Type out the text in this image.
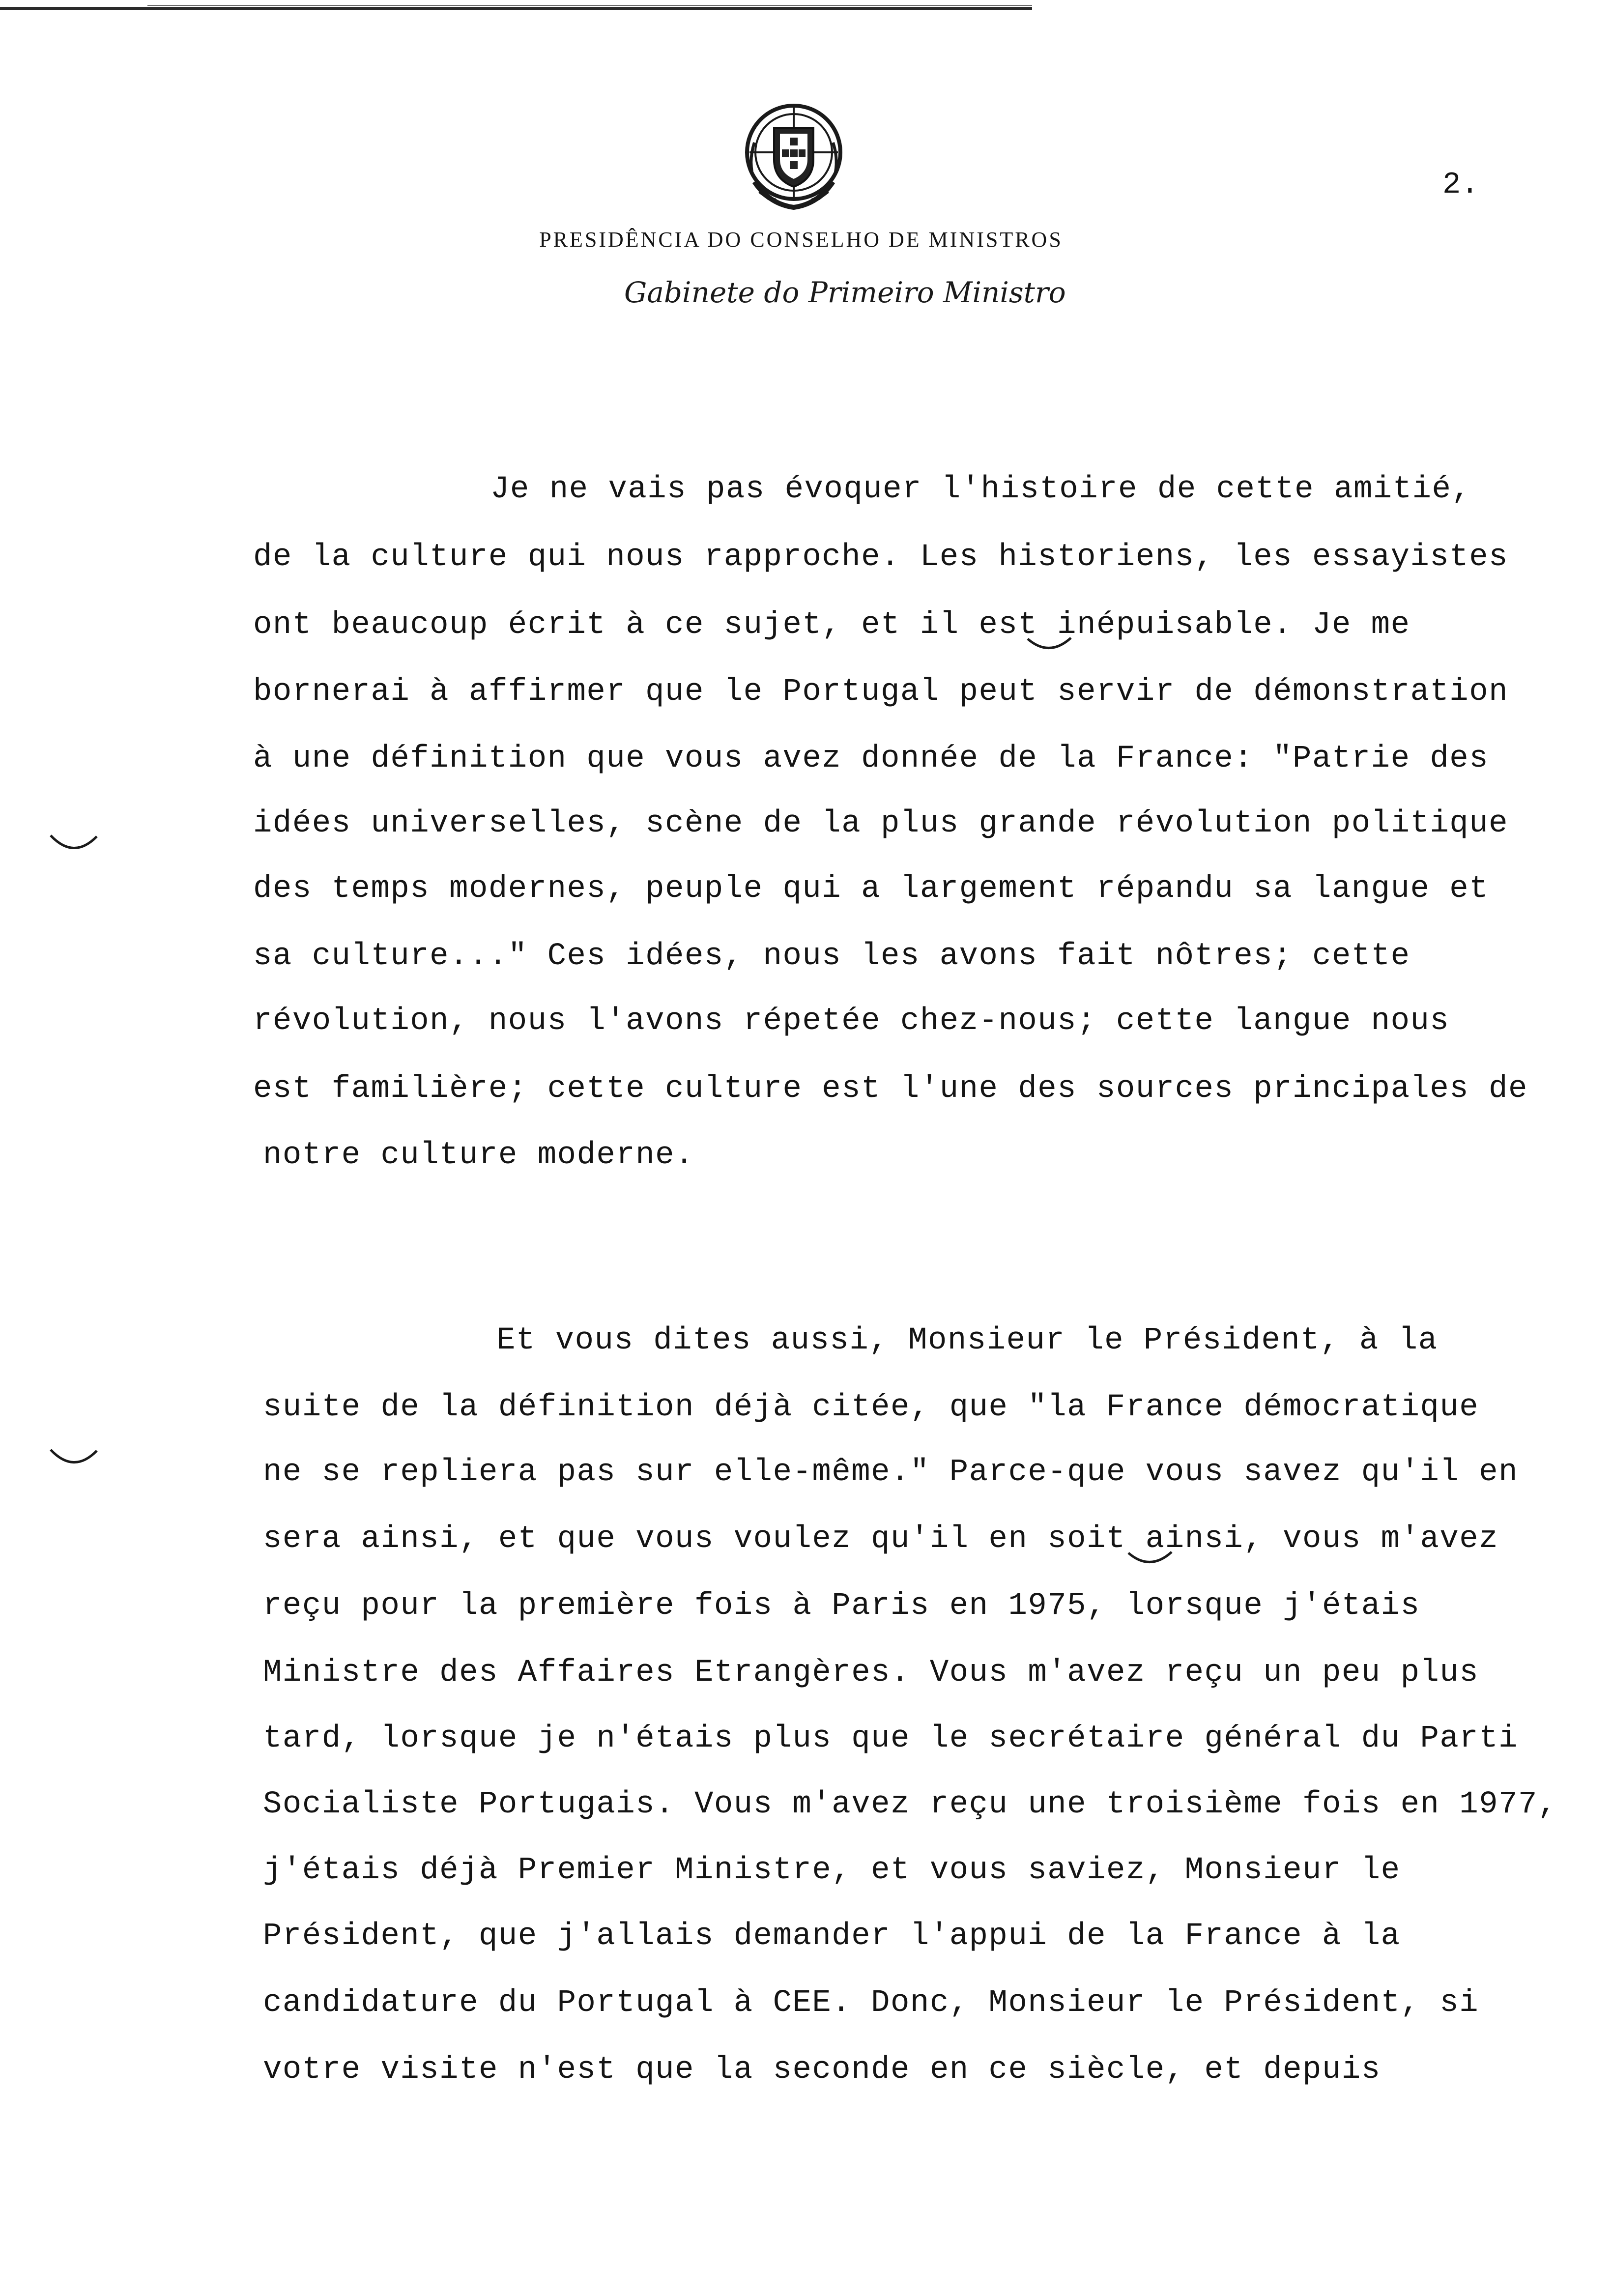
2.
PRESIDÊNCIA DO CONSELHO DE MINISTROS
Gabinete do Primeiro Ministro
Je ne vais pas évoquer l'histoire de cette amitié,
de la culture qui nous rapproche. Les historiens, les essayistes
ont beaucoup écrit à ce sujet, et il est inépuisable. Je me
bornerai à affirmer que le Portugal peut servir de démonstration
à une définition que vous avez donnée de la France: "Patrie des
idées universelles, scène de la plus grande révolution politique
des temps modernes, peuple qui a largement répandu sa langue et
sa culture..." Ces idées, nous les avons fait nôtres; cette
révolution, nous l'avons répetée chez-nous; cette langue nous
est familière; cette culture est l'une des sources principales de
notre culture moderne.
Et vous dites aussi, Monsieur le Président, à la
suite de la définition déjà citée, que "la France démocratique
ne se repliera pas sur elle-même." Parce-que vous savez qu'il en
sera ainsi, et que vous voulez qu'il en soit ainsi, vous m'avez
reçu pour la première fois à Paris en 1975, lorsque j'étais
Ministre des Affaires Etrangères. Vous m'avez reçu un peu plus
tard, lorsque je n'étais plus que le secrétaire général du Parti
Socialiste Portugais. Vous m'avez reçu une troisième fois en 1977,
j'étais déjà Premier Ministre, et vous saviez, Monsieur le
Président, que j'allais demander l'appui de la France à la
candidature du Portugal à CEE. Donc, Monsieur le Président, si
votre visite n'est que la seconde en ce siècle, et depuis
